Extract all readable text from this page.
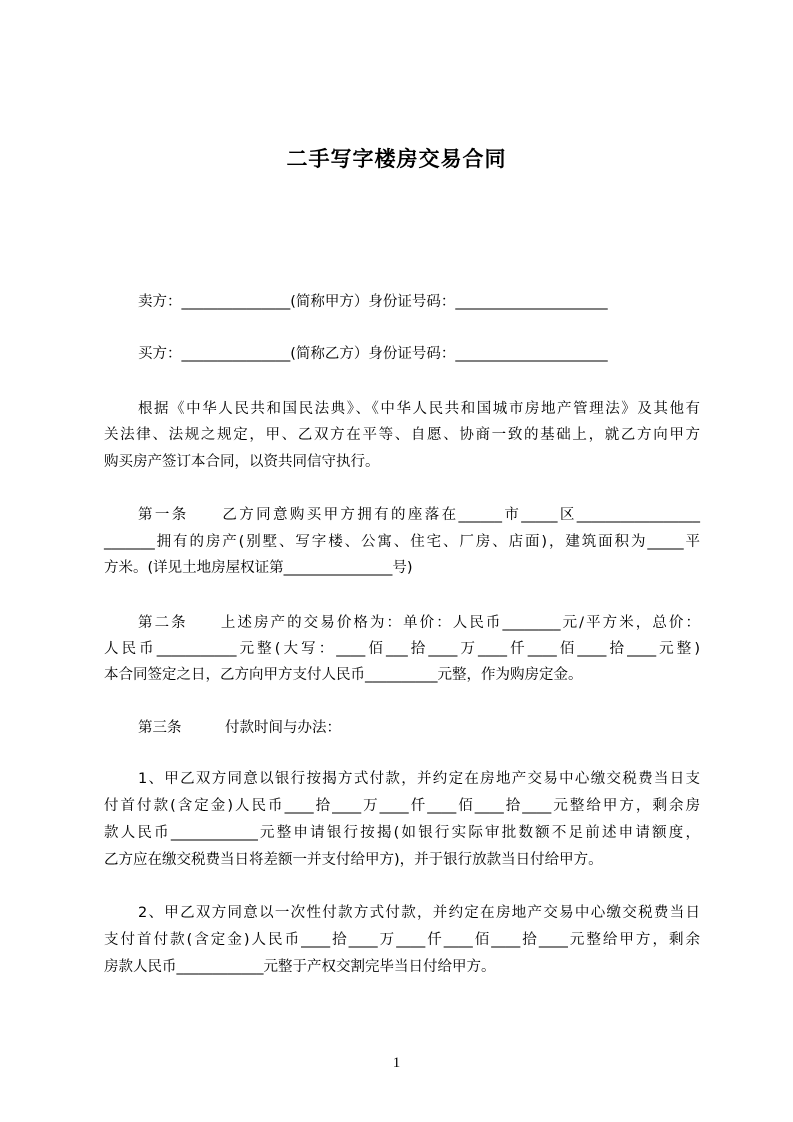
二手写字楼房交易合同
卖方：_______________(简称甲方）身份证号码：_____________________
买方：_______________(简称乙方）身份证号码：_____________________
根据《中华人民共和国民法典》、《中华人民共和国城市房地产管理法》及其他有
关法律、法规之规定，甲、乙双方在平等、自愿、协商一致的基础上，就乙方向甲方
购买房产签订本合同，以资共同信守执行。
第一条　　乙方同意购买甲方拥有的座落在______市_____区_________________
_______拥有的房产(别墅、写字楼、公寓、住宅、厂房、店面)，建筑面积为_____平
方米。(详见土地房屋权证第_______________号)
第二条　　上述房产的交易价格为：单价：人民币________元/平方米，总价：
人民币___________元整(大写：____佰___拾____万____仟____佰____拾____元整)
本合同签定之日，乙方向甲方支付人民币__________元整，作为购房定金。
第三条　　　付款时间与办法：
1、甲乙双方同意以银行按揭方式付款，并约定在房地产交易中心缴交税费当日支
付首付款(含定金)人民币____拾____万____仟____佰____拾____元整给甲方，剩余房
款人民币____________元整申请银行按揭(如银行实际审批数额不足前述申请额度，
乙方应在缴交税费当日将差额一并支付给甲方)，并于银行放款当日付给甲方。
2、甲乙双方同意以一次性付款方式付款，并约定在房地产交易中心缴交税费当日
支付首付款(含定金)人民币____拾____万____仟____佰____拾____元整给甲方，剩余
房款人民币____________元整于产权交割完毕当日付给甲方。
1
